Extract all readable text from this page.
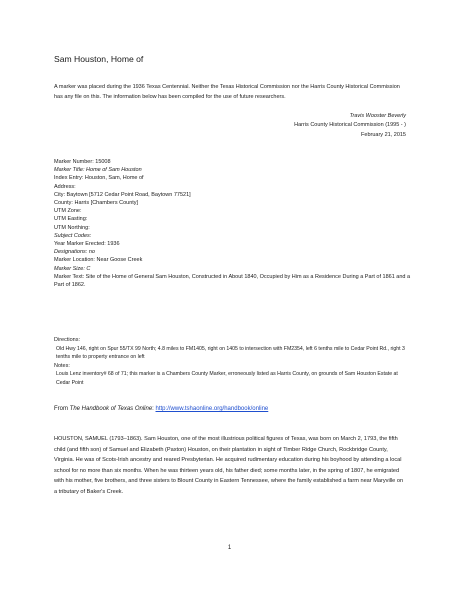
Sam Houston, Home of

A marker was placed during the 1936 Texas Centennial. Neither the Texas Historical Commission nor the Harris County Historical Commission has any file on this. The information below has been compiled for the use of future researchers.

Travis Wooster Beverly
Harris County Historical Commission (1995 - )
February 21, 2015
Marker Number: 15008
Marker Title: Home of Sam Houston
Index Entry: Houston, Sam, Home of
Address:
City: Baytown [5712 Cedar Point Road, Baytown 77521]
County: Harris [Chambers County]
UTM Zone:
UTM Easting:
UTM Northing:
Subject Codes:
Year Marker Erected: 1936
Designations: no
Marker Location: Near Goose Creek
Marker Size: C
Marker Text: Site of the Home of General Sam Houston, Constructed in About 1840, Occupied by Him as a Residence During a Part of 1861 and a Part of 1862.
Directions:
Old Hwy 146, right on Spur 55/TX 99 North; 4.8 miles to FM1405, right on 1405 to intersection with FM2354, left 6 tenths mile to Cedar Point Rd., right 3 tenths mile to property entrance on left
Notes:
Louis Lenz inventory# 68 of 71; this marker is a Chambers County Marker, erroneously listed as Harris County, on grounds of Sam Houston Estate at Cedar Point
From The Handbook of Texas Online: http://www.tshaonline.org/handbook/online

HOUSTON, SAMUEL (1793–1863). Sam Houston, one of the most illustrious political figures of Texas, was born on March 2, 1793, the fifth child (and fifth son) of Samuel and Elizabeth (Paxton) Houston, on their plantation in sight of Timber Ridge Church, Rockbridge County, Virginia. He was of Scots-Irish ancestry and reared Presbyterian. He acquired rudimentary education during his boyhood by attending a local school for no more than six months. When he was thirteen years old, his father died; some months later, in the spring of 1807, he emigrated with his mother, five brothers, and three sisters to Blount County in Eastern Tennessee, where the family established a farm near Maryville on a tributary of Baker's Creek.

1
